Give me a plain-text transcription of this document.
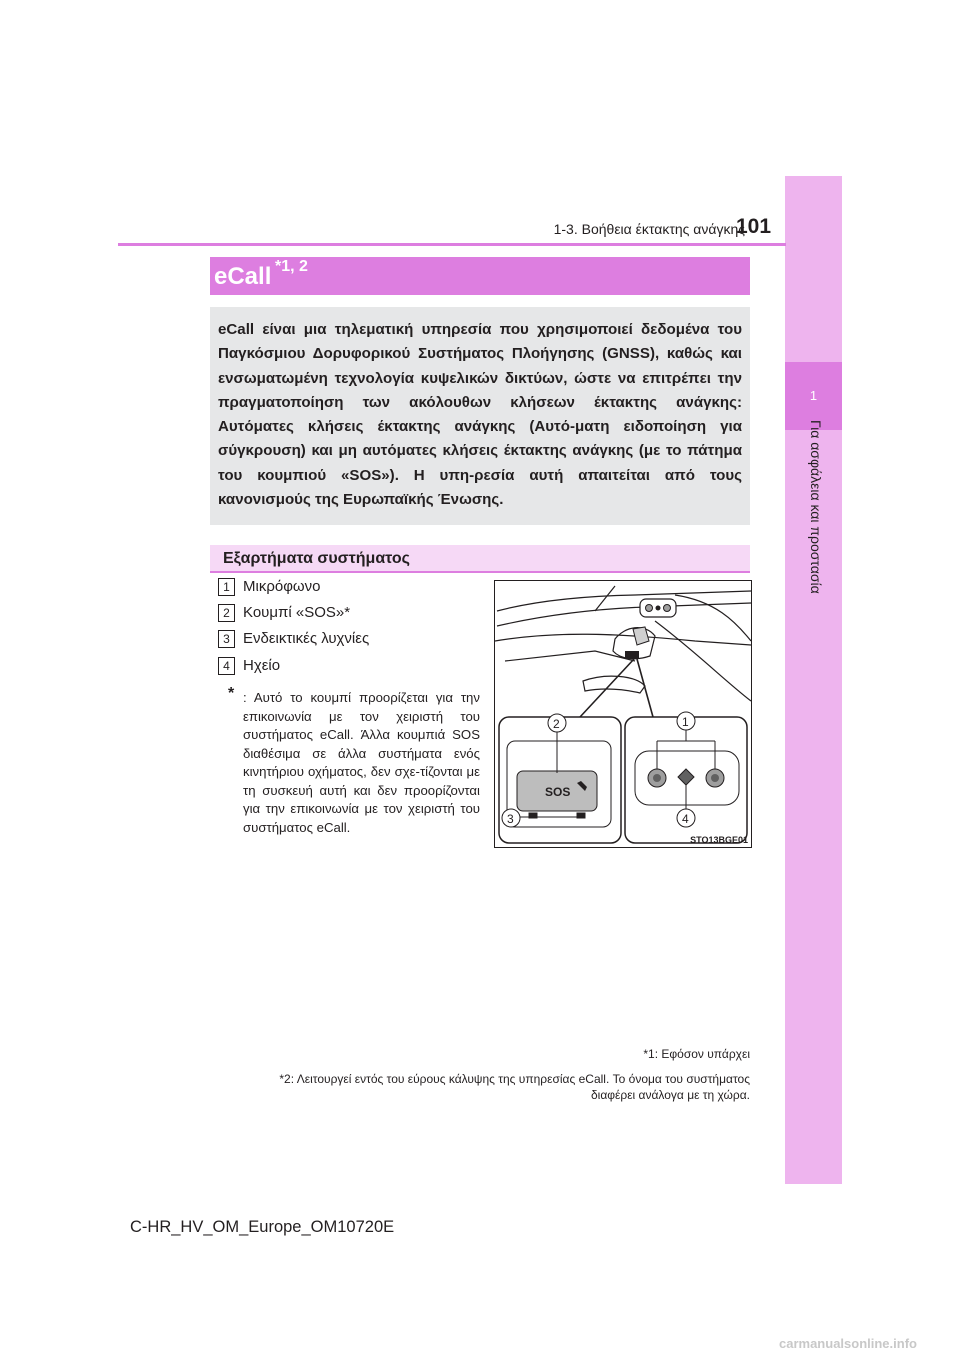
1
Για ασφάλεια και προστασία
1-3. Βοήθεια έκτακτης ανάγκης
101
eCall *1, 2

eCall είναι μια τηλεματική υπηρεσία που χρησιμοποιεί δεδομένα του Παγκόσμιου Δορυφορικού Συστήματος Πλοήγησης (GNSS), καθώς και ενσωματωμένη τεχνολογία κυψελικών δικτύων, ώστε να επιτρέπει την πραγματοποίηση των ακόλουθων κλήσεων έκτακτης ανάγκης: Αυτόματες κλήσεις έκτακτης ανάγκης (Αυτό-ματη ειδοποίηση για σύγκρουση) και μη αυτόματες κλήσεις έκτακτης ανάγκης (με το πάτημα του κουμπιού «SOS»). Η υπη-ρεσία αυτή απαιτείται από τους κανονισμούς της Ευρωπαϊκής Ένωσης.

Εξαρτήματα συστήματος
1 Μικρόφωνο
2 Κουμπί «SOS»*
3 Ενδεικτικές λυχνίες
4 Ηχείο
* : Αυτό το κουμπί προορίζεται για την επικοινωνία με τον χειριστή του συστήματος eCall. Άλλα κουμπιά SOS διαθέσιμα σε άλλα συστήματα ενός κινητήριου οχήματος, δεν σχε-τίζονται με τη συσκευή αυτή και δεν προορίζονται για την επικοινωνία με τον χειριστή του συστήματος eCall.

SOS
1
2
3	4
STO13BGE01
*1: Εφόσον υπάρχει
*2: Λειτουργεί εντός του εύρους κάλυψης της υπηρεσίας eCall. Το όνομα του συστήματος
διαφέρει ανάλογα με τη χώρα.
C-HR_HV_OM_Europe_OM10720E
carmanualsonline.info
